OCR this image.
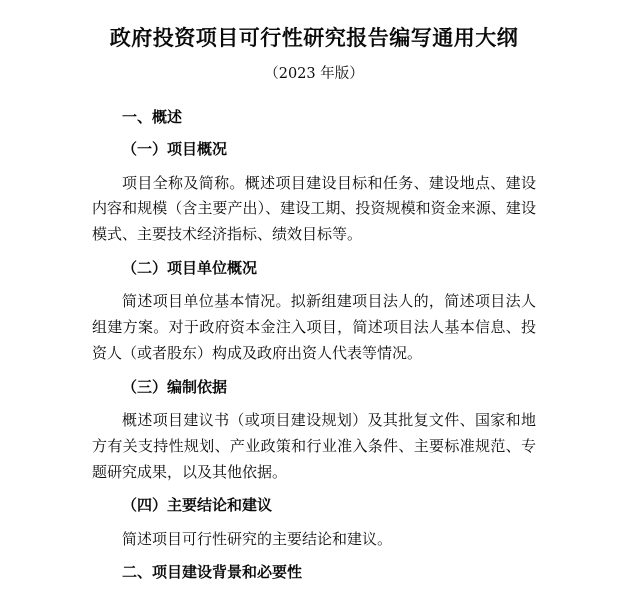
政府投资项目可行性研究报告编写通用大纲

（2023 年版）

一、概述

（一）项目概况

项目全称及简称。概述项目建设目标和任务、建设地点、建设内容和规模（含主要产出）、建设工期、投资规模和资金来源、建设模式、主要技术经济指标、绩效目标等。

（二）项目单位概况

简述项目单位基本情况。拟新组建项目法人的，简述项目法人组建方案。对于政府资本金注入项目，简述项目法人基本信息、投资人（或者股东）构成及政府出资人代表等情况。

（三）编制依据

概述项目建议书（或项目建设规划）及其批复文件、国家和地方有关支持性规划、产业政策和行业准入条件、主要标准规范、专题研究成果，以及其他依据。

（四）主要结论和建议

简述项目可行性研究的主要结论和建议。

二、项目建设背景和必要性
